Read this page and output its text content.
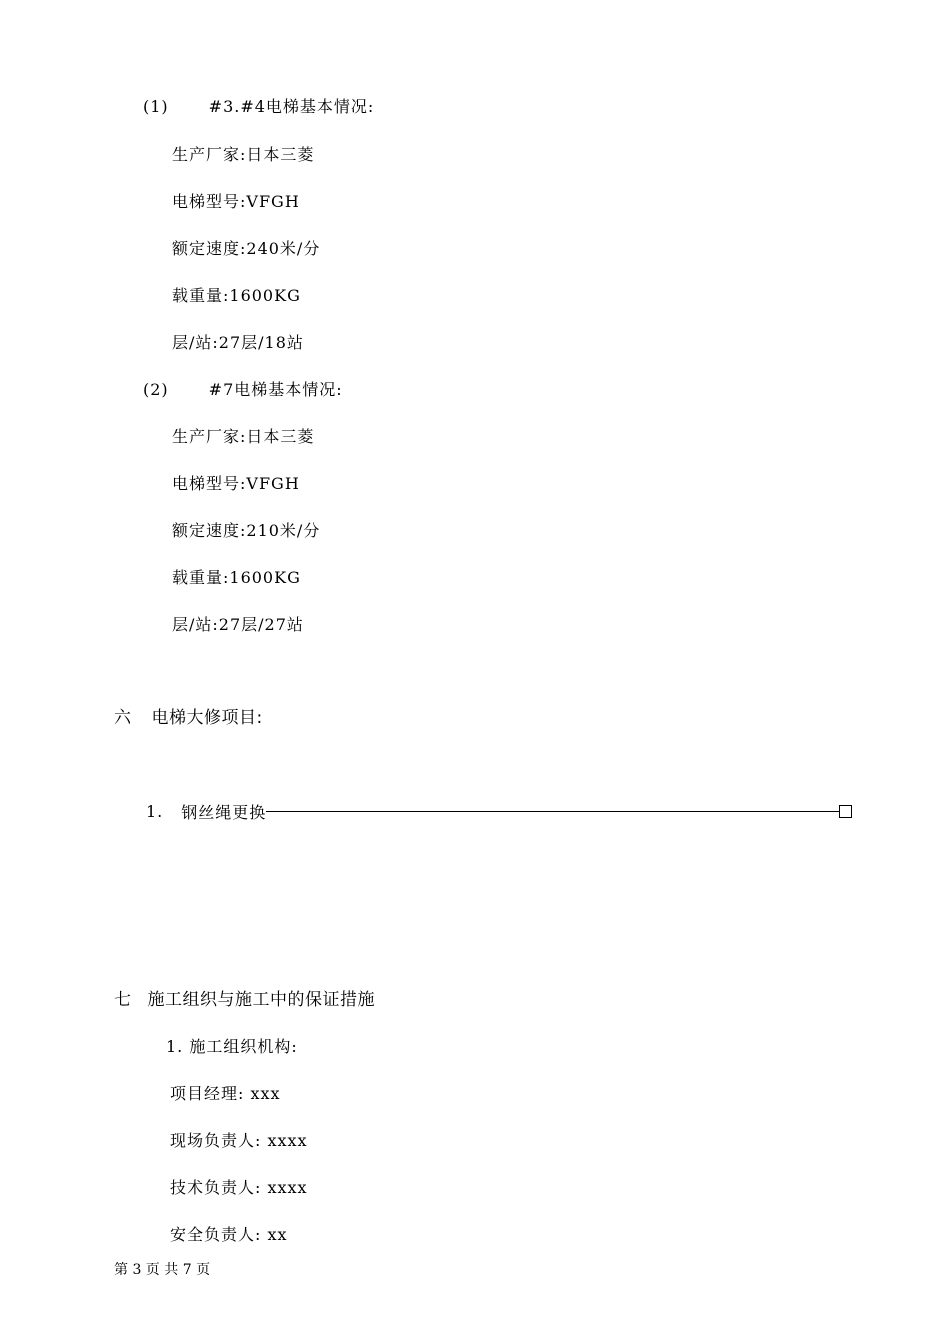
(1)	#3.#4电梯基本情况:
生产厂家:日本三菱
电梯型号:VFGH
额定速度:240米/分
载重量:1600KG
层/站:27层/18站
(2)	#7电梯基本情况:
生产厂家:日本三菱
电梯型号:VFGH
额定速度:210米/分
载重量:1600KG
层/站:27层/27站
六 电梯大修项目:
1. 钢丝绳更换
七 施工组织与施工中的保证措施
1. 施工组织机构:
项目经理: xxx
现场负责人: xxxx
技术负责人: xxxx
安全负责人: xx
第 3 页 共 7 页
